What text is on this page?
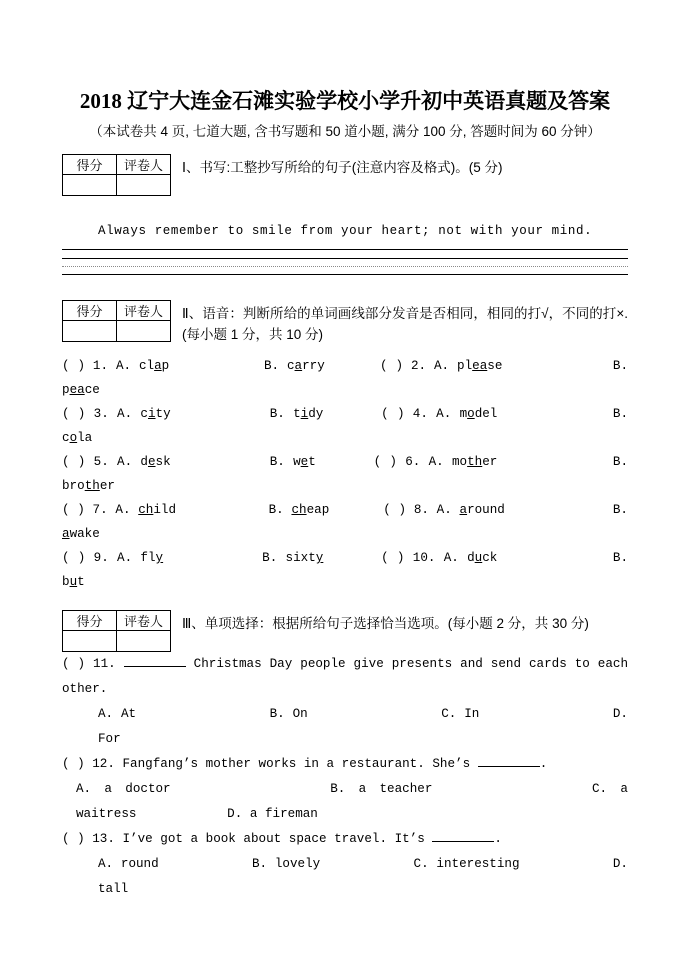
2018 辽宁大连金石滩实验学校小学升初中英语真题及答案

（本试卷共 4 页, 七道大题, 含书写题和 50 道小题, 满分 100 分, 答题时间为 60 分钟）

得分	评卷人
	Ⅰ、书写:工整抄写所给的句子(注意内容及格式)。(5 分)

Always remember to smile from your heart; not with your mind.

得分	评卷人
	Ⅱ、语音：判断所给的单词画线部分发音是否相同，相同的打√，不同的打×.(每小题 1 分，共 10 分)

( ) 1. A. clap	B. carry	( ) 2. A. please	B. peace

( ) 3. A. city	B. tidy	( ) 4. A. model	B. cola

( ) 5. A. desk	B. wet	( ) 6. A. mother	B. brother

( ) 7. A. child	B. cheap	( ) 8. A. around	B. awake

( ) 9. A. fly	B. sixty	( ) 10. A. duck	B. but

得分	评卷人
	Ⅲ、单项选择：根据所给句子选择恰当选项。(每小题 2 分，共 30 分)

( ) 11.	Christmas Day people give presents and send cards to each other.

A. At	B. On	C. In	D. For

( ) 12. Fangfang’s mother works in a restaurant. She’s	.

A. a doctor	B. a teacher	C. a waitress	D. a fireman

( ) 13. I’ve got a book about space travel. It’s	.

A. round	B. lovely	C. interesting	D. tall
